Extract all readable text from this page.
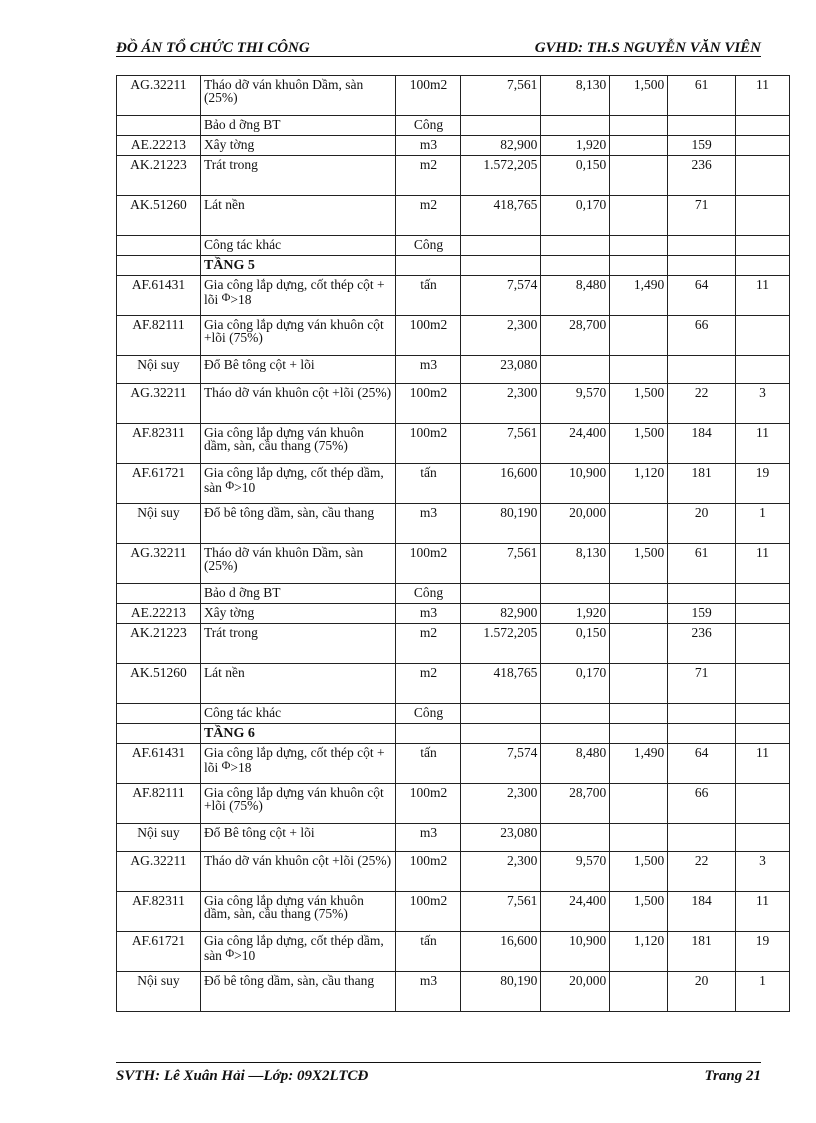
ĐỒ ÁN TỔ CHỨC THI CÔNG	GVHD: TH.S NGUYỄN VĂN VIÊN
AG.32211	Tháo dỡ ván khuôn Dầm, sàn (25%)	100m2	7,561	8,130	1,500	61	11
	Bảo d ỡng BT	Công					
AE.22213	Xây tờng	m3	82,900	1,920		159	
AK.21223	Trát trong	m2	1.572,205	0,150		236	
AK.51260	Lát nền	m2	418,765	0,170		71	
	Công tác khác	Công					
	TẦNG 5						
AF.61431	Gia công lắp dựng, cốt thép cột + lõi Φ>18	tấn	7,574	8,480	1,490	64	11
AF.82111	Gia công lắp dựng ván khuôn cột +lõi (75%)	100m2	2,300	28,700		66	
Nội suy	Đổ Bê tông cột + lõi	m3	23,080				
AG.32211	Tháo dỡ ván khuôn cột +lõi (25%)	100m2	2,300	9,570	1,500	22	3
AF.82311	Gia công lắp dựng ván khuôn dầm, sàn, cầu thang (75%)	100m2	7,561	24,400	1,500	184	11
AF.61721	Gia công lắp dựng, cốt thép dầm, sàn Φ>10	tấn	16,600	10,900	1,120	181	19
Nội suy	Đổ bê tông dầm, sàn, cầu thang	m3	80,190	20,000		20	1
AG.32211	Tháo dỡ ván khuôn Dầm, sàn (25%)	100m2	7,561	8,130	1,500	61	11
	Bảo d ỡng BT	Công					
AE.22213	Xây tờng	m3	82,900	1,920		159	
AK.21223	Trát trong	m2	1.572,205	0,150		236	
AK.51260	Lát nền	m2	418,765	0,170		71	
	Công tác khác	Công					
	TẦNG 6						
AF.61431	Gia công lắp dựng, cốt thép cột + lõi Φ>18	tấn	7,574	8,480	1,490	64	11
AF.82111	Gia công lắp dựng ván khuôn cột +lõi (75%)	100m2	2,300	28,700		66	
Nội suy	Đổ Bê tông cột + lõi	m3	23,080				
AG.32211	Tháo dỡ ván khuôn cột +lõi (25%)	100m2	2,300	9,570	1,500	22	3
AF.82311	Gia công lắp dựng ván khuôn dầm, sàn, cầu thang (75%)	100m2	7,561	24,400	1,500	184	11
AF.61721	Gia công lắp dựng, cốt thép dầm, sàn Φ>10	tấn	16,600	10,900	1,120	181	19
Nội suy	Đổ bê tông dầm, sàn, cầu thang	m3	80,190	20,000		20	1
SVTH: Lê Xuân Hải —Lớp: 09X2LTCĐ	Trang 21
